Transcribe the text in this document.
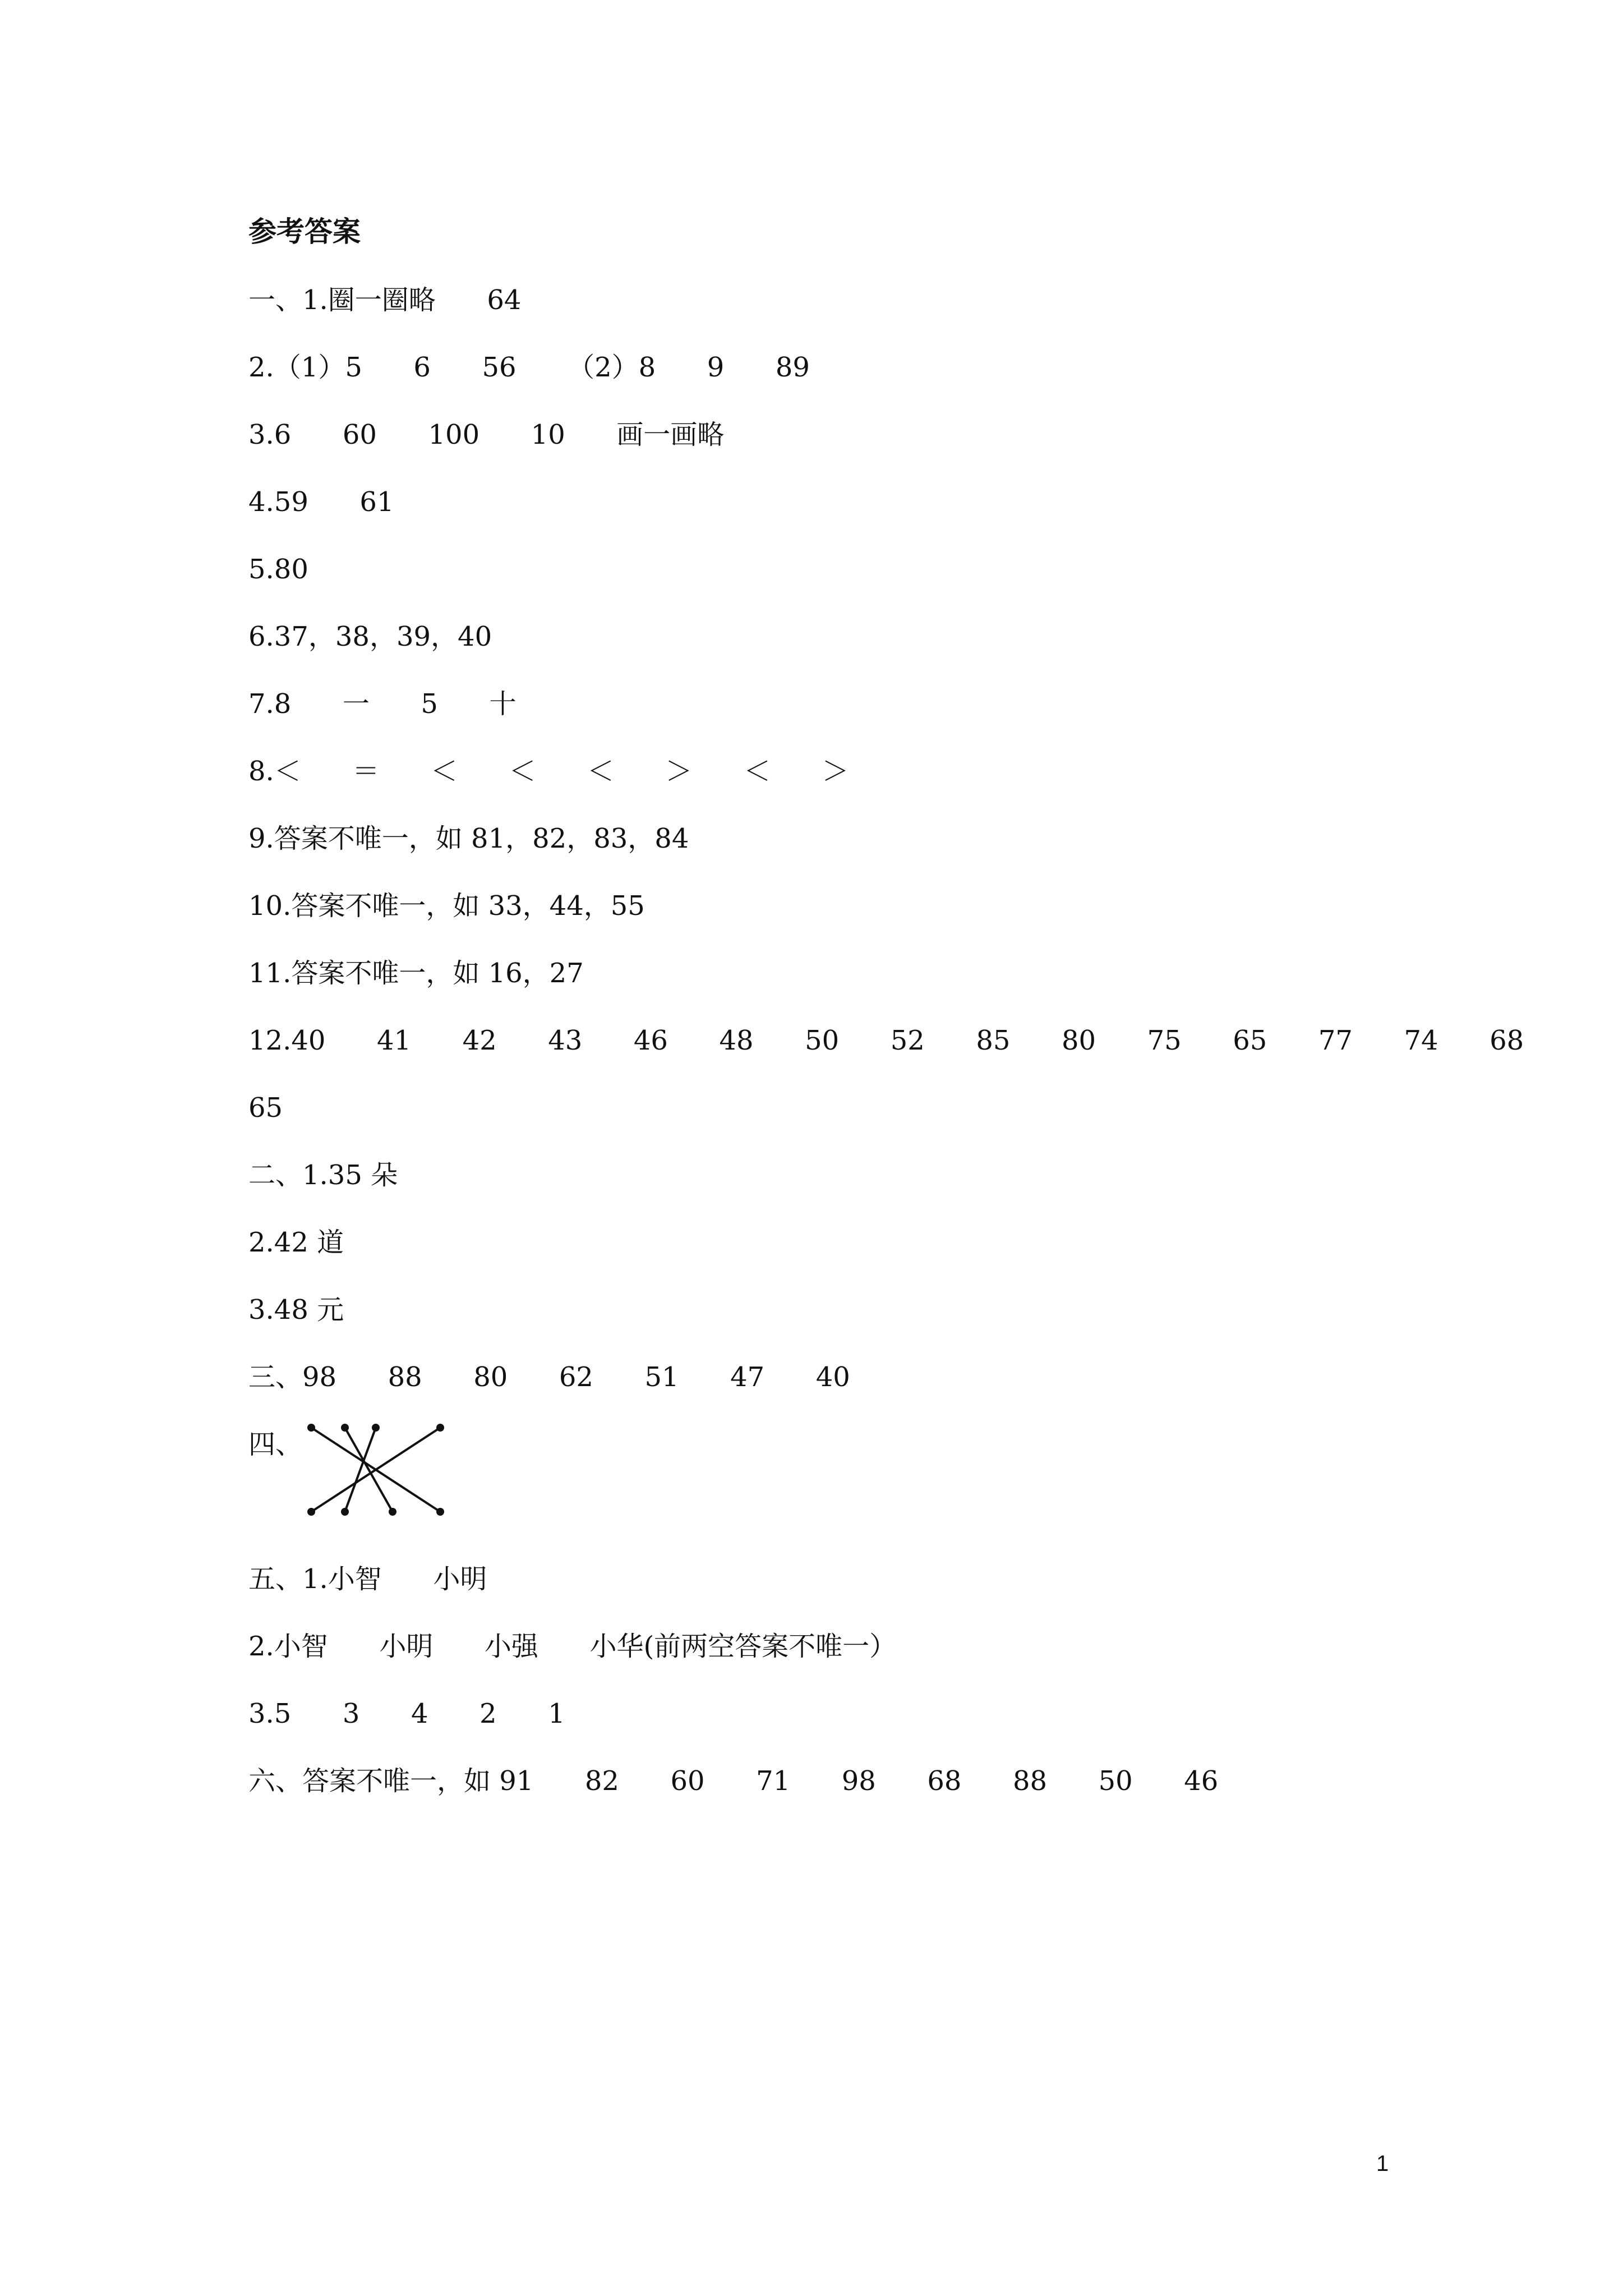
参考答案
一、1.圈一圈略      64
2.（1）5      6      56      （2）8      9      89
3.6      60      100      10      画一画略
4.59      61
5.80
6.37，38，39，40
7.8      一      5      十
8.＜      ＝      ＜      ＜      ＜      ＞      ＜      ＞
9.答案不唯一，如 81，82，83，84
10.答案不唯一，如 33，44，55
11.答案不唯一，如 16，27
12.40      41      42      43      46      48      50      52      85      80      75      65      77      74      68
65
二、1.35 朵
2.42 道
3.48 元
三、98      88      80      62      51      47      40
四、
五、1.小智      小明
2.小智      小明      小强      小华(前两空答案不唯一）
3.5      3      4      2      1
六、答案不唯一，如 91      82      60      71      98      68      88      50      46
1
